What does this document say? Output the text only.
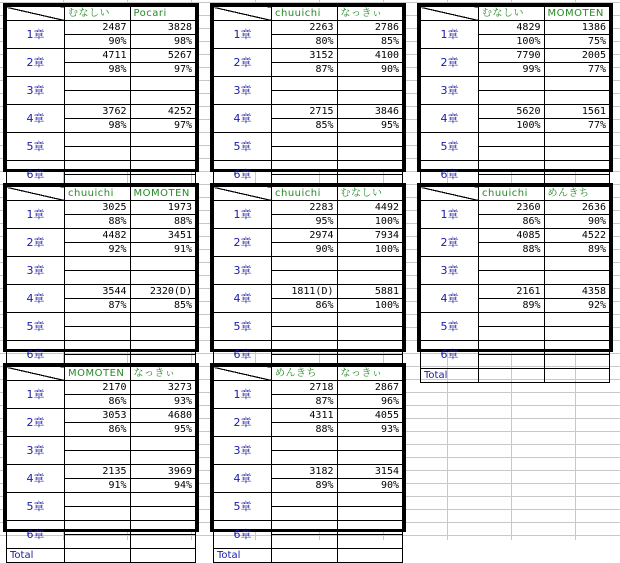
	むなしい	Pocari
1章	2487	3828
	90%	98%
2章	4711	5267
	98%	97%
3章		

4章	3762	4252
	98%	97%
5章		

6章		

	chuuichi	なっきぃ
1章	2263	2786
	80%	85%
2章	3152	4100
	87%	90%
3章		

4章	2715	3846
	85%	95%
5章		

6章		

	むなしい	MOMOTEN
1章	4829	1386
	100%	75%
2章	7790	2005
	99%	77%
3章		

4章	5620	1561
	100%	77%
5章		

6章		

	chuuichi	MOMOTEN
1章	3025	1973
	88%	88%
2章	4482	3451
	92%	91%
3章		

4章	3544	2320(D)
	87%	85%
5章		

6章		

	chuuichi	むなしい
1章	2283	4492
	95%	100%
2章	2974	7934
	90%	100%
3章		

4章	1811(D)	5881
	86%	100%
5章		

6章		

	chuuichi	めんきち
1章	2360	2636
	86%	90%
2章	4085	4522
	88%	89%
3章		

4章	2161	4358
	89%	92%
5章		

6章		

Total		
	MOMOTEN	なっきぃ
1章	2170	3273
	86%	93%
2章	3053	4680
	86%	95%
3章		

4章	2135	3969
	91%	94%
5章		

6章		

Total		
	めんきち	なっきぃ
1章	2718	2867
	87%	96%
2章	4311	4055
	88%	93%
3章		

4章	3182	3154
	89%	90%
5章		

6章		

Total		
